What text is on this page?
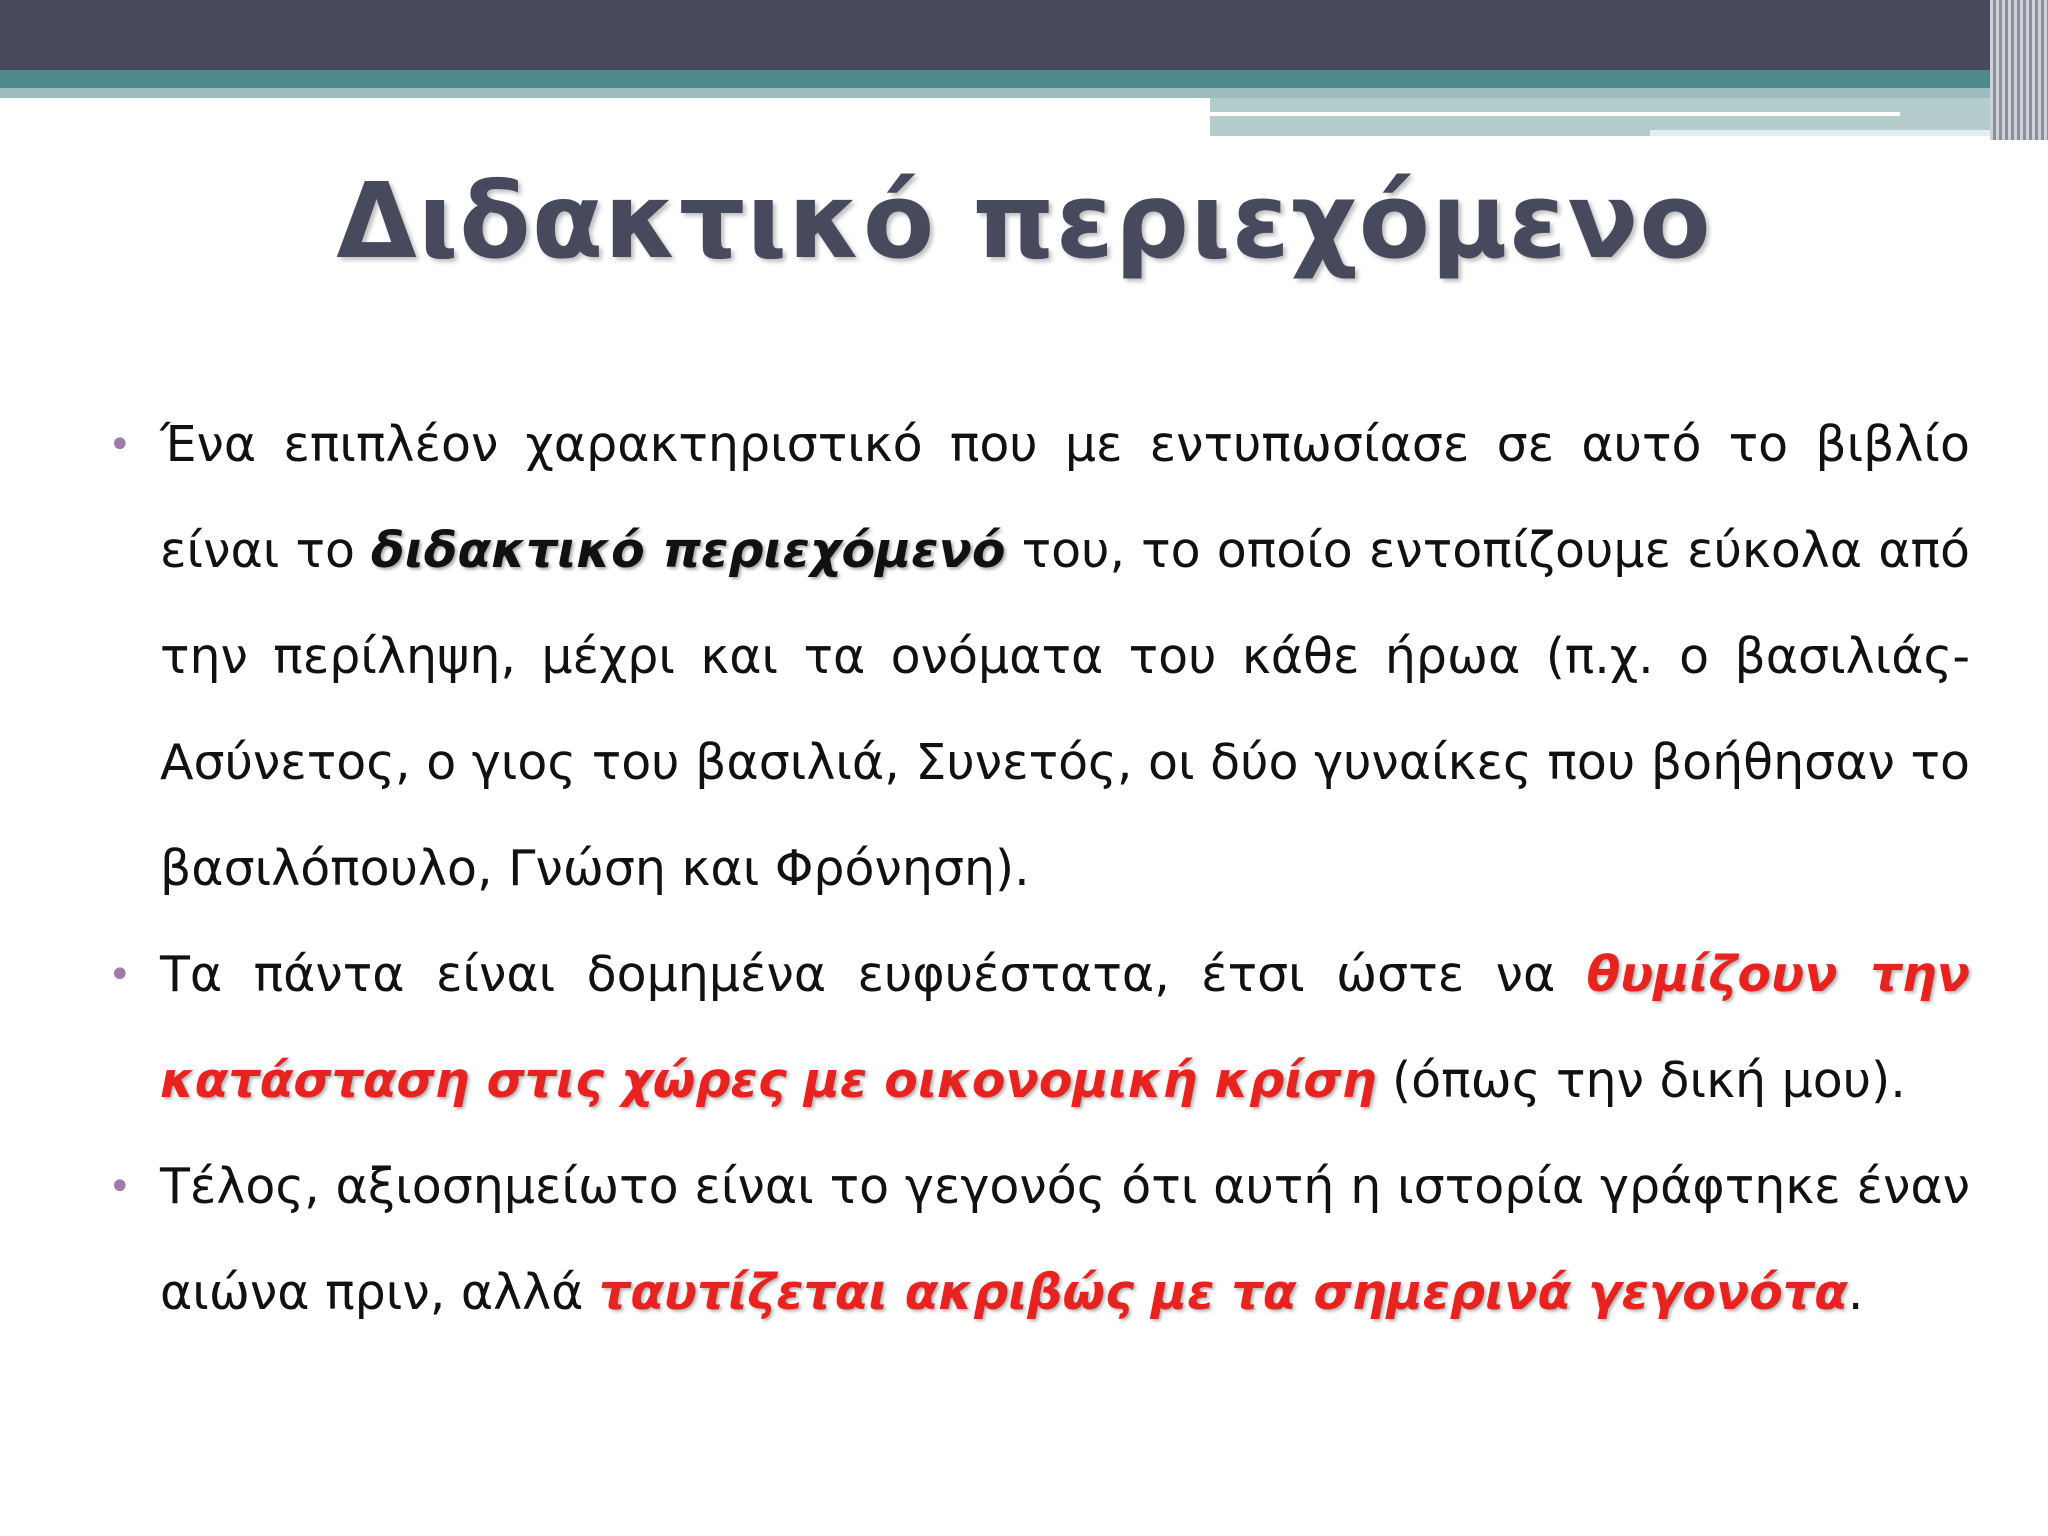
Διδακτικό περιεχόμενο

• Ένα επιπλέον χαρακτηριστικό που με εντυπωσίασε σε αυτό το βιβλίο είναι το διδακτικό περιεχόμενό του, το οποίο εντοπίζουμε εύκολα από την περίληψη, μέχρι και τα ονόματα του κάθε ήρωα (π.χ. ο βασιλιάς- Ασύνετος, ο γιος του βασιλιά, Συνετός, οι δύο γυναίκες που βοήθησαν το βασιλόπουλο, Γνώση και Φρόνηση).

• Τα πάντα είναι δομημένα ευφυέστατα, έτσι ώστε να θυμίζουν την κατάσταση στις χώρες με οικονομική κρίση (όπως την δική μου).

• Τέλος, αξιοσημείωτο είναι το γεγονός ότι αυτή η ιστορία γράφτηκε έναν αιώνα πριν, αλλά ταυτίζεται ακριβώς με τα σημερινά γεγονότα.
